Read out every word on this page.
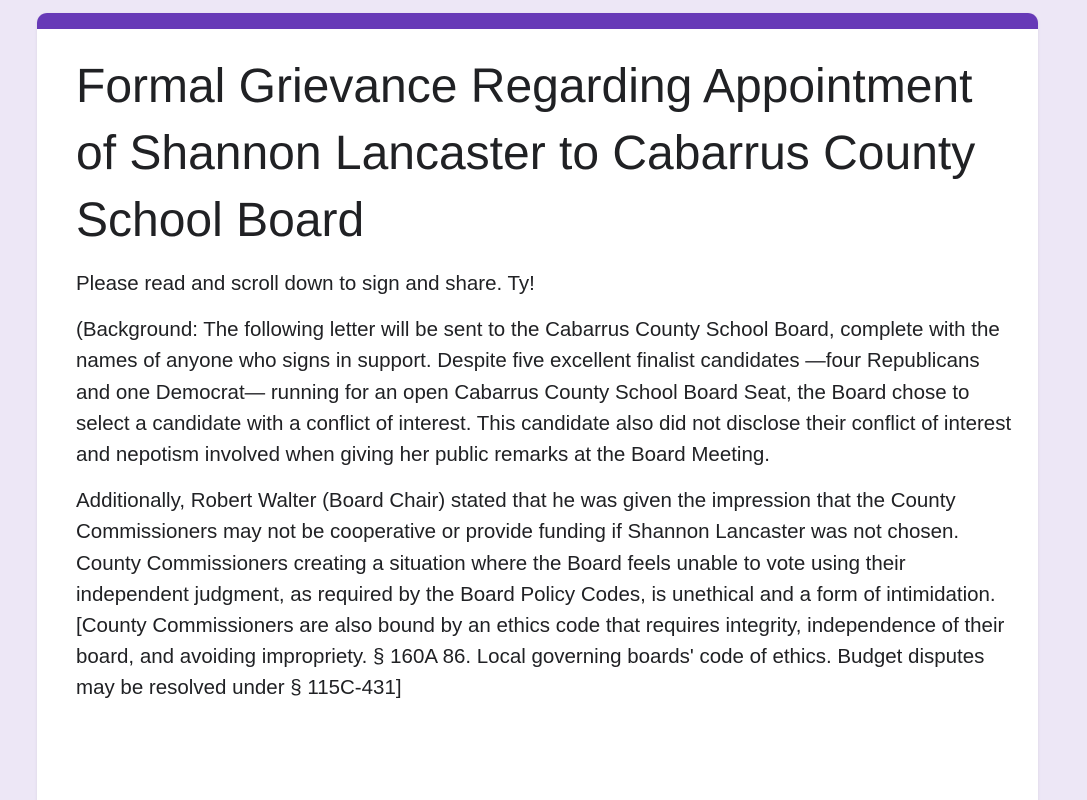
Formal Grievance Regarding Appointment of Shannon Lancaster to Cabarrus County School Board

Please read and scroll down to sign and share. Ty!

(Background: The following letter will be sent to the Cabarrus County School Board, complete with the names of anyone who signs in support. Despite five excellent finalist candidates —four Republicans and one Democrat— running for an open Cabarrus County School Board Seat, the Board chose to select a candidate with a conflict of interest. This candidate also did not disclose their conflict of interest and nepotism involved when giving her public remarks at the Board Meeting.

Additionally, Robert Walter (Board Chair) stated that he was given the impression that the County Commissioners may not be cooperative or provide funding if Shannon Lancaster was not chosen. County Commissioners creating a situation where the Board feels unable to vote using their independent judgment, as required by the Board Policy Codes, is unethical and a form of intimidation. [County Commissioners are also bound by an ethics code that requires integrity, independence of their board, and avoiding impropriety. § 160A 86. Local governing boards' code of ethics. Budget disputes may be resolved under § 115C-431]
